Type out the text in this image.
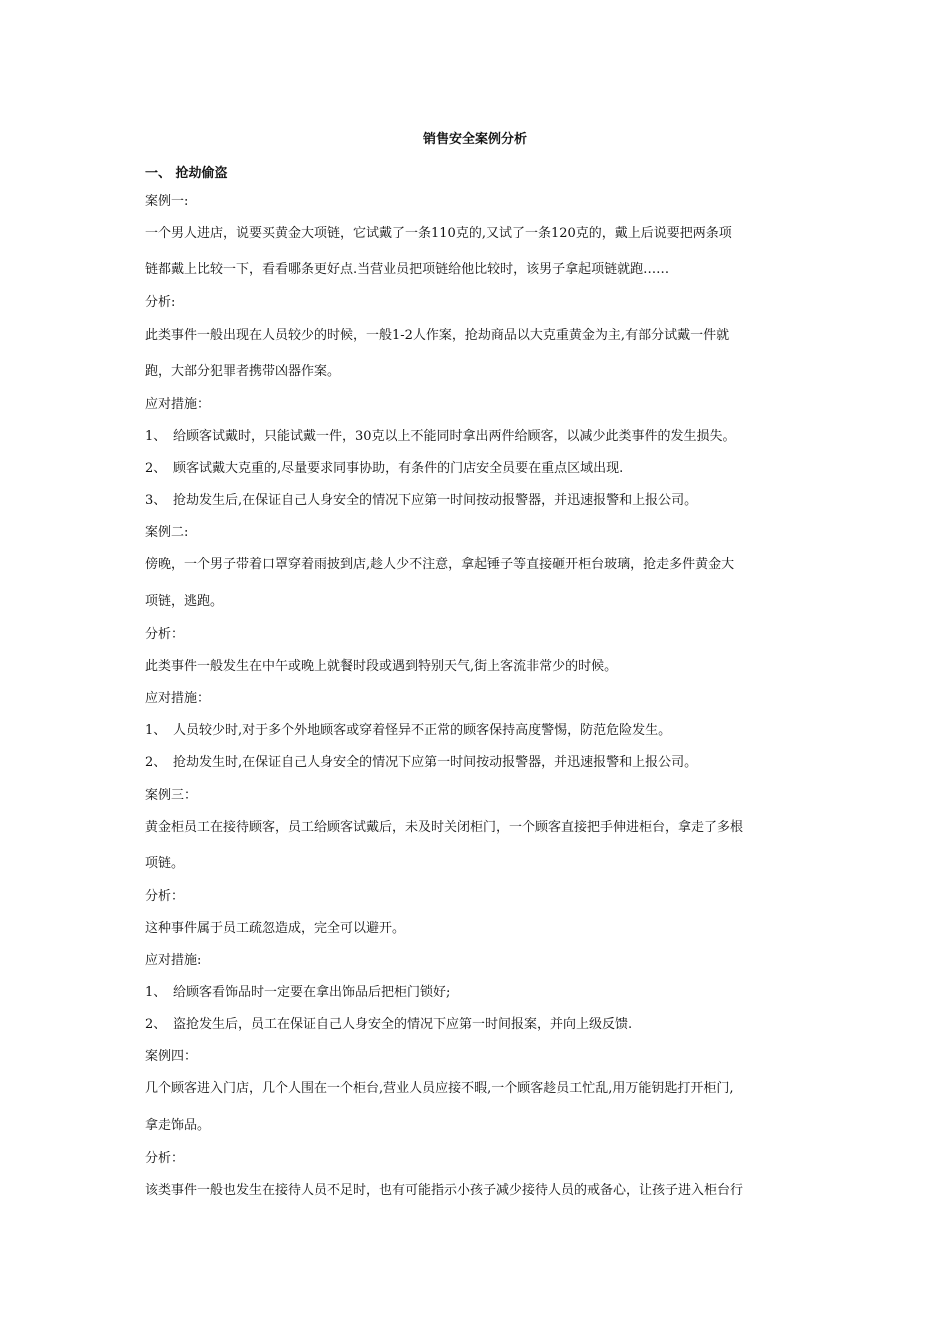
销售安全案例分析
一、 抢劫偷盗
案例一:
一个男人进店，说要买黄金大项链，它试戴了一条110克的,又试了一条120克的，戴上后说要把两条项
链都戴上比较一下，看看哪条更好点.当营业员把项链给他比较时，该男子拿起项链就跑……
分析:
此类事件一般出现在人员较少的时候，一般1-2人作案，抢劫商品以大克重黄金为主,有部分试戴一件就
跑，大部分犯罪者携带凶器作案。
应对措施：
1、 给顾客试戴时，只能试戴一件，30克以上不能同时拿出两件给顾客，以减少此类事件的发生损失。
2、 顾客试戴大克重的,尽量要求同事协助，有条件的门店安全员要在重点区域出现.
3、 抢劫发生后,在保证自己人身安全的情况下应第一时间按动报警器，并迅速报警和上报公司。
案例二:
傍晚，一个男子带着口罩穿着雨披到店,趁人少不注意，拿起锤子等直接砸开柜台玻璃，抢走多件黄金大
项链，逃跑。
分析：
此类事件一般发生在中午或晚上就餐时段或遇到特别天气,街上客流非常少的时候。
应对措施：
1、 人员较少时,对于多个外地顾客或穿着怪异不正常的顾客保持高度警惕，防范危险发生。
2、 抢劫发生时,在保证自己人身安全的情况下应第一时间按动报警器，并迅速报警和上报公司。
案例三：
黄金柜员工在接待顾客，员工给顾客试戴后，未及时关闭柜门，一个顾客直接把手伸进柜台，拿走了多根
项链。
分析：
这种事件属于员工疏忽造成，完全可以避开。
应对措施:
1、 给顾客看饰品时一定要在拿出饰品后把柜门锁好;
2、 盗抢发生后，员工在保证自己人身安全的情况下应第一时间报案，并向上级反馈.
案例四：
几个顾客进入门店，几个人围在一个柜台,营业人员应接不暇,一个顾客趁员工忙乱,用万能钥匙打开柜门,
拿走饰品。
分析：
该类事件一般也发生在接待人员不足时，也有可能指示小孩子减少接待人员的戒备心，让孩子进入柜台行
